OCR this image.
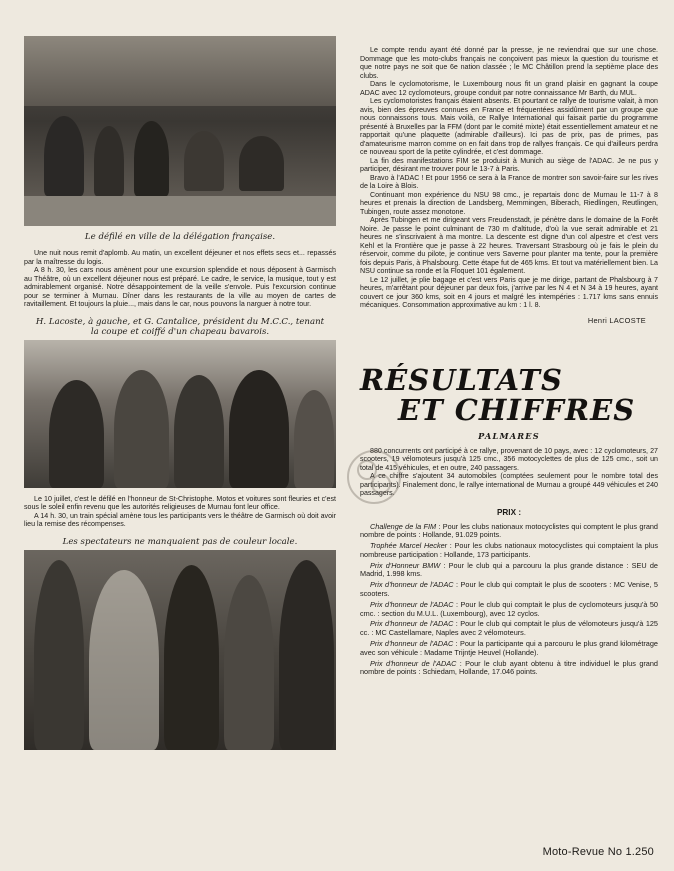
Le défilé en ville de la délégation française.

Une nuit nous remit d'aplomb. Au matin, un excellent déjeuner et nos effets secs et... repassés par la maîtresse du logis.

A 8 h. 30, les cars nous amènent pour une excursion splendide et nous déposent à Garmisch au Théâtre, où un excellent déjeuner nous est préparé. Le cadre, le service, la musique, tout y est admirablement organisé. Notre désappointement de la veille s'envole. Puis l'excursion continue pour se terminer à Murnau. Dîner dans les restaurants de la ville au moyen de cartes de ravitaillement. Et toujours la pluie..., mais dans le car, nous pouvons la narguer à notre tour.

H. Lacoste, à gauche, et G. Cantalice, président du M.C.C., tenant la coupe et coiffé d'un chapeau bavarois.

Le 10 juillet, c'est le défilé en l'honneur de St-Christophe. Motos et voitures sont fleuries et c'est sous le soleil enfin revenu que les autorités religieuses de Murnau font leur office.

A 14 h. 30, un train spécial amène tous les participants vers le théâtre de Garmisch où doit avoir lieu la remise des récompenses.

Les spectateurs ne manquaient pas de couleur locale.

Le compte rendu ayant été donné par la presse, je ne reviendrai que sur une chose. Dommage que les moto-clubs français ne conçoivent pas mieux la question du tourisme et que notre pays ne soit que 6e nation classée ; le MC Châtillon prend la septième place des clubs.

Dans le cyclomotorisme, le Luxembourg nous fit un grand plaisir en gagnant la coupe ADAC avec 12 cyclomoteurs, groupe conduit par notre connaissance Mr Barth, du MUL.

Les cyclomotoristes français étaient absents. Et pourtant ce rallye de tourisme valait, à mon avis, bien des épreuves connues en France et fréquentées assidûment par un groupe que nous connaissons tous. Mais voilà, ce Rallye International qui faisait partie du programme présenté à Bruxelles par la FFM (dont par le comité mixte) était essentiellement amateur et ne rapportait qu'une plaquette (admirable d'ailleurs). Ici pas de prix, pas de primes, pas d'amateurisme marron comme on en fait dans trop de rallyes français. Ce qui d'ailleurs perdra ce nouveau sport de la petite cylindrée, et c'est dommage.

La fin des manifestations FIM se produisit à Munich au siège de l'ADAC. Je ne pus y participer, désirant me trouver pour le 13-7 à Paris.

Bravo à l'ADAC ! Et pour 1956 ce sera à la France de montrer son savoir-faire sur les rives de la Loire à Blois.

Continuant mon expérience du NSU 98 cmc., je repartais donc de Murnau le 11-7 à 8 heures et prenais la direction de Landsberg, Memmingen, Biberach, Riedlingen, Reutlingen, Tubingen, route assez monotone.

Après Tubingen et me dirigeant vers Freudenstadt, je pénètre dans le domaine de la Forêt Noire. Je passe le point culminant de 730 m d'altitude, d'où la vue serait admirable et 21 heures ne s'inscrivaient à ma montre. La descente est digne d'un col alpestre et c'est vers Kehl et la Frontière que je passe à 22 heures. Traversant Strasbourg où je fais le plein du réservoir, comme du pilote, je continue vers Saverne pour planter ma tente, pour la première fois depuis Paris, à Phalsbourg. Cette étape fut de 465 kms. Et tout va matériellement bien. La NSU continue sa ronde et la Floquet 101 également.

Le 12 juillet, je plie bagage et c'est vers Paris que je me dirige, partant de Phalsbourg à 7 heures, m'arrêtant pour déjeuner par deux fois, j'arrive par les N 4 et N 34 à 19 heures, ayant couvert ce jour 360 kms, soit en 4 jours et malgré les intempéries : 1.717 kms sans ennuis mécaniques. Consommation approximative au km : 1 l. 8.

Henri LACOSTE

RÉSULTATS

ET CHIFFRES

PALMARES

880 concurrents ont participé à ce rallye, provenant de 10 pays, avec : 12 cyclomoteurs, 27 scooters, 19 vélomoteurs jusqu'à 125 cmc., 356 motocyclettes de plus de 125 cmc., soit un total de 415 véhicules, et en outre, 240 passagers.

A ce chiffre s'ajoutent 34 automobiles (comptées seulement pour le nombre total des participants). Finalement donc, le rallye international de Murnau a groupé 449 véhicules et 240 passagers.

PRIX :

Challenge de la FIM : Pour les clubs nationaux motocyclistes qui comptent le plus grand nombre de points : Hollande, 91.029 points.

Trophée Marcel Hecker : Pour les clubs nationaux motocyclistes qui comptaient la plus nombreuse participation : Hollande, 173 participants.

Prix d'Honneur BMW : Pour le club qui a parcouru la plus grande distance : SEU de Madrid, 1.998 kms.

Prix d'honneur de l'ADAC : Pour le club qui comptait le plus de scooters : MC Venise, 5 scooters.

Prix d'honneur de l'ADAC : Pour le club qui comptait le plus de cyclomoteurs jusqu'à 50 cmc. : section du M.U.L. (Luxembourg), avec 12 cyclos.

Prix d'honneur de l'ADAC : Pour le club qui comptait le plus de vélomoteurs jusqu'à 125 cc. : MC Castellamare, Naples avec 2 vélomoteurs.

Prix d'honneur de l'ADAC : Pour la participante qui a parcouru le plus grand kilométrage avec son véhicule : Madame Trijntje Heuvel (Hollande).

Prix d'honneur de l'ADAC : Pour le club ayant obtenu à titre individuel le plus grand nombre de points : Schiedam, Hollande, 17.046 points.

Moto-Revue No 1.250
